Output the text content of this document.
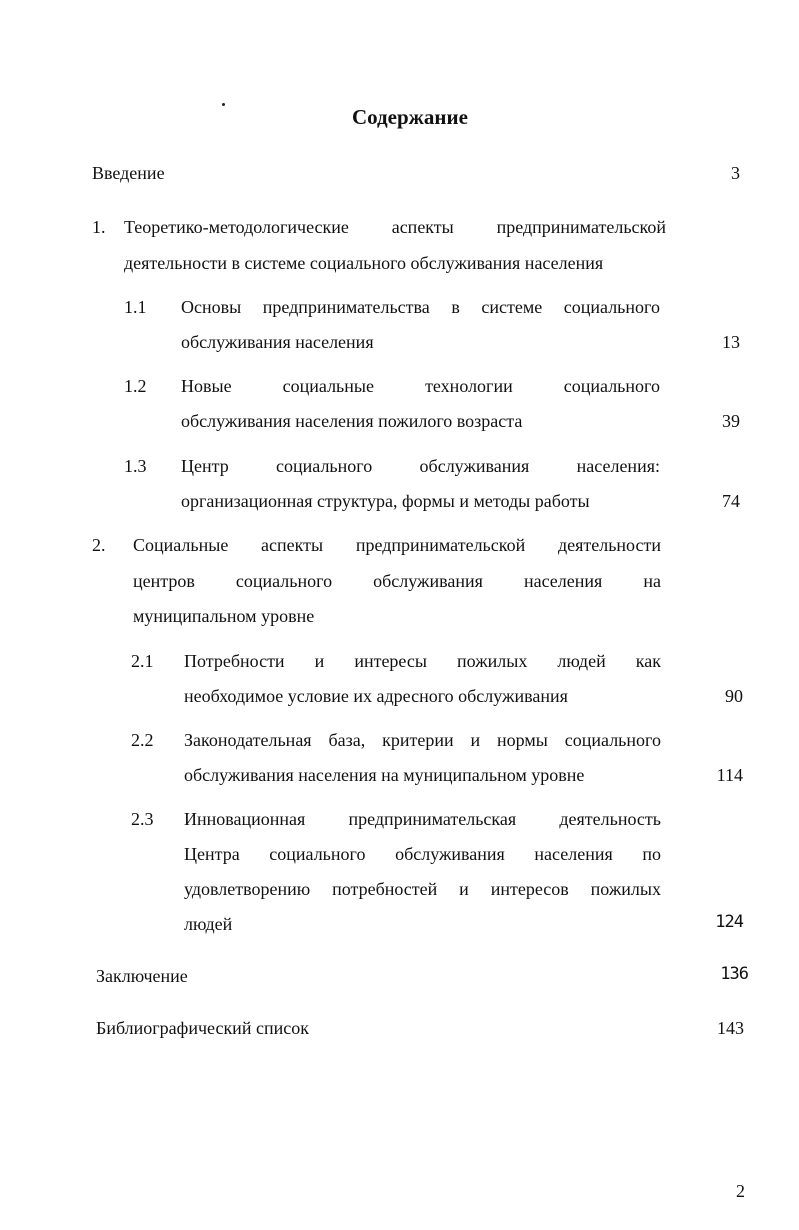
Содержание
Введение	3
1. Теоретико-методологические аспекты предпринимательской
деятельности в системе социального обслуживания населения
1.1 Основы предпринимательства в системе социального
обслуживания населения	13
1.2 Новые	социальные	технологии	социального
обслуживания населения пожилого возраста	39
1.3 Центр	социального	обслуживания	населения:
организационная структура, формы и методы работы	74
2. Социальные аспекты предпринимательской деятельности
центров социального обслуживания населения на
муниципальном уровне
2.1 Потребности и интересы пожилых людей как
необходимое условие их адресного обслуживания	90
2.2 Законодательная база, критерии и нормы социального
обслуживания населения на муниципальном уровне	114
2.3 Инновационная предпринимательская деятельность
Центра социального обслуживания населения по
удовлетворению потребностей и интересов пожилых
людей	124
Заключение	136
Библиографический список	143
2
